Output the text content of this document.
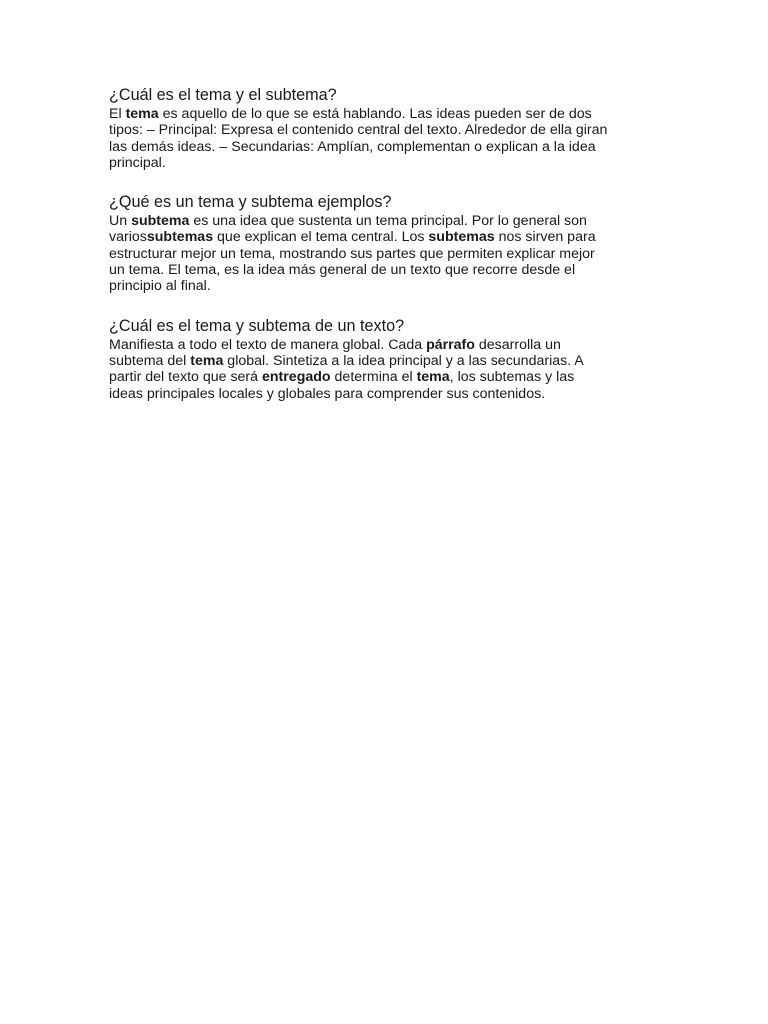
¿Cuál es el tema y el subtema?

El tema es aquello de lo que se está hablando. Las ideas pueden ser de dos
tipos: – Principal: Expresa el contenido central del texto. Alrededor de ella giran
las demás ideas. – Secundarias: Amplían, complementan o explican a la idea
principal.

¿Qué es un tema y subtema ejemplos?

Un subtema es una idea que sustenta un tema principal. Por lo general son
variossubtemas que explican el tema central. Los subtemas nos sirven para
estructurar mejor un tema, mostrando sus partes que permiten explicar mejor
un tema. El tema, es la idea más general de un texto que recorre desde el
principio al final.

¿Cuál es el tema y subtema de un texto?

Manifiesta a todo el texto de manera global. Cada párrafo desarrolla un
subtema del tema global. Sintetiza a la idea principal y a las secundarias. A
partir del texto que será entregado determina el tema, los subtemas y las
ideas principales locales y globales para comprender sus contenidos.
